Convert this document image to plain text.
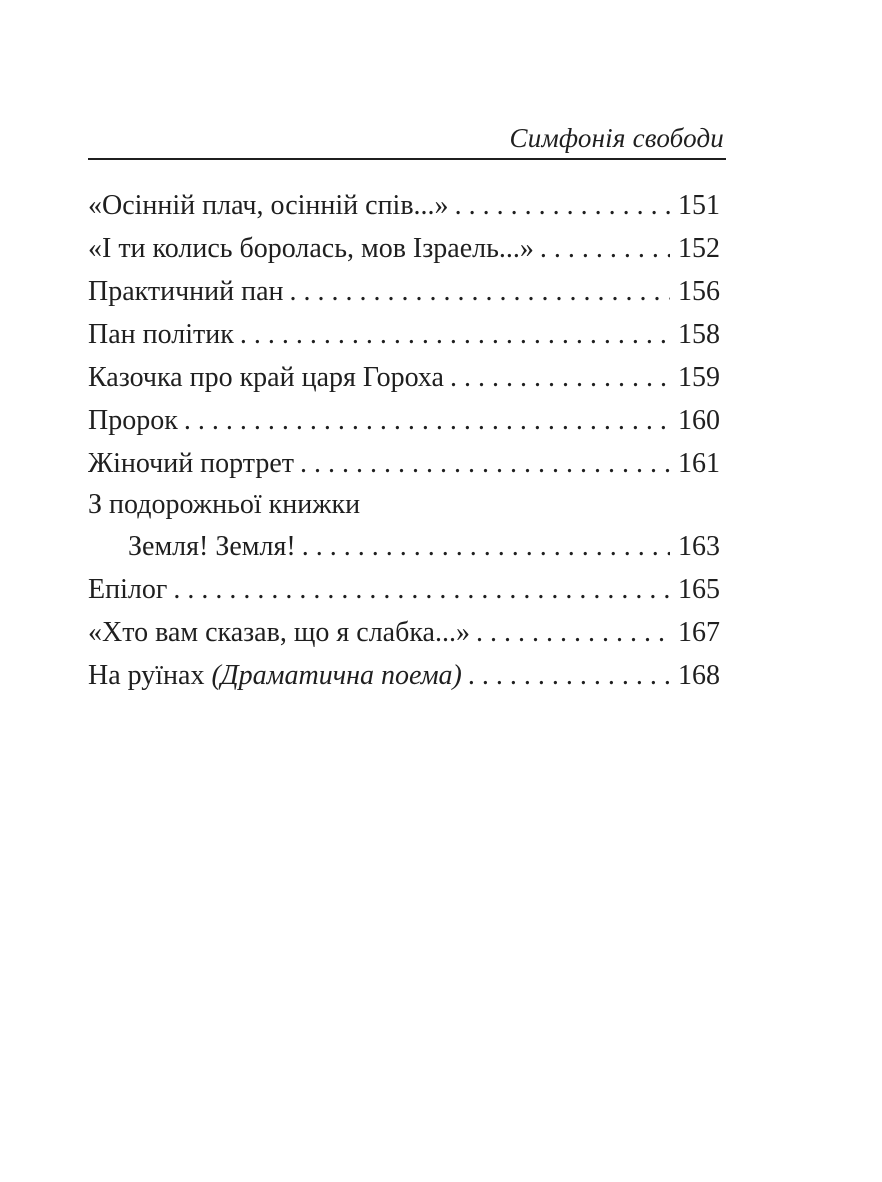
Симфонія свободи
«Осінній плач, осінній спів...» . . .	151
«І ти колись боролась, мов Ізраель...» . . .	152
Практичний пан . . .	156
Пан політик . . .	158
Казочка про край царя Гороха . . .	159
Пророк . . .	160
Жіночий портрет . . .	161
З подорожньої книжки
Земля! Земля! . . .	163
Епілог . . .	165
«Хто вам сказав, що я слабка...» . . .	167
На руїнах (Драматична поема) . . .	168
